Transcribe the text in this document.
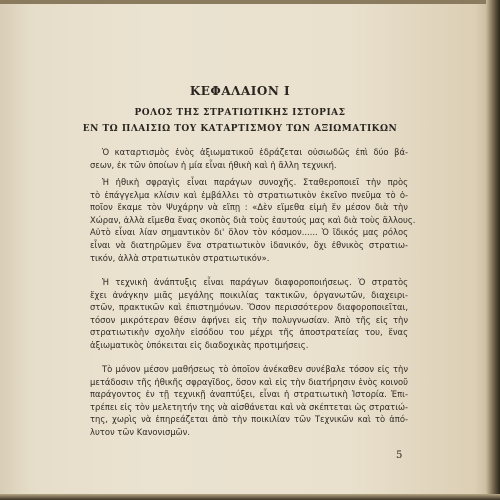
ΚΕΦΑΛΑΙΟΝ Ι
ΡΟΛΟΣ ΤΗΣ ΣΤΡΑΤΙΩΤΙΚΗΣ ΙΣΤΟΡΙΑΣ
ΕΝ ΤΩ ΠΛΑΙΣΙΩ ΤΟΥ ΚΑΤΑΡΤΙΣΜΟΥ ΤΩΝ ΑΞΙΩΜΑΤΙΚΩΝ
Ὁ καταρτισμὸς ἑνὸς ἀξιωματικοῦ ἑδράζεται οὐσιωδῶς ἐπὶ δύο βά-
σεων, ἐκ τῶν ὁποίων ἡ μία εἶναι ἠθικὴ καὶ ἡ ἄλλη τεχνική.
Ἡ ἠθικὴ σφραγὶς εἶναι παράγων συνοχῆς. Σταθεροποιεῖ τὴν πρὸς
τὸ ἐπάγγελμα κλίσιν καὶ ἐμβάλλει τὸ στρατιωτικὸν ἐκεῖνο πνεῦμα τὸ ὁ-
ποῖον ἔκαμε τὸν Ψυχάρην νὰ εἴπῃ : «Δὲν εἴμεθα εἰμὴ ἕν μέσον διὰ τὴν
Χώραν, ἀλλὰ εἴμεθα ἕνας σκοπὸς διὰ τοὺς ἑαυτούς μας καὶ διὰ τοὺς ἄλλους.
Αὐτὸ εἶναι λίαν σημαντικὸν δι' ὅλον τὸν κόσμον...... Ὁ ἴδικός μας ρόλος
εἶναι νὰ διατηρῶμεν ἕνα στρατιωτικὸν ἰδανικόν, ὄχι ἐθνικὸς στρατιω-
τικόν, ἀλλὰ στρατιωτικὸν στρατιωτικόν».
Ἡ τεχνικὴ ἀνάπτυξις εἶναι παράγων διαφοροποιήσεως. Ὁ στρατὸς
ἔχει ἀνάγκην μιᾶς μεγάλης ποικιλίας τακτικῶν, ὀργανωτῶν, διαχειρι-
στῶν, πρακτικῶν καὶ ἐπιστημόνων. Ὅσον περισσότερον διαφοροποιεῖται,
τόσον μικρότεραν θέσιν ἀφήνει εἰς τὴν πολυγνωσίαν. Ἀπὸ τῆς εἰς τὴν
στρατιωτικὴν σχολὴν εἰσόδου του μέχρι τῆς ἀποστρατείας του, ἕνας
ἀξιωματικὸς ὑπόκειται εἰς διαδοχικὰς προτιμήσεις.
Τὸ μόνον μέσον μαθήσεως τὸ ὁποῖον ἀνέκαθεν συνέβαλε τόσον εἰς τὴν
μετάδοσιν τῆς ἠθικῆς σφραγῖδος, ὅσον καὶ εἰς τὴν διατήρησιν ἑνὸς κοινοῦ
παράγοντος ἐν τῇ τεχνικῇ ἀναπτύξει, εἶναι ἡ στρατιωτικὴ Ἱστορία. Ἐπι-
τρέπει εἰς τὸν μελετητήν της νὰ αἰσθάνεται καὶ νὰ σκέπτεται ὡς στρατιώ-
της, χωρὶς νὰ ἐπηρεάζεται ἀπὸ τὴν ποικιλίαν τῶν Τεχνικῶν καὶ τὸ ἀπό-
λυτον τῶν Κανονισμῶν.
5
